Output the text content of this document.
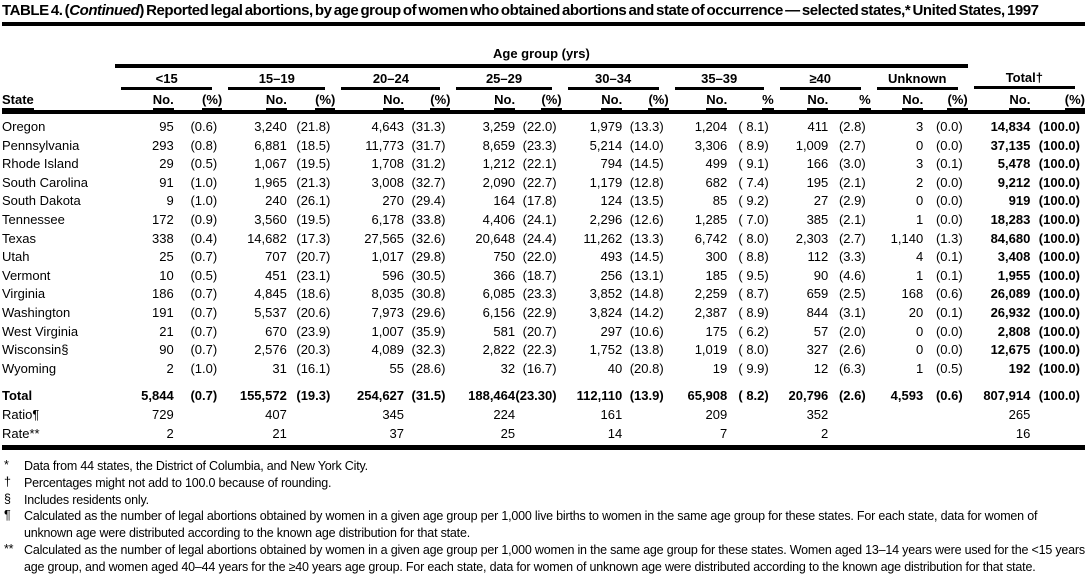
TABLE 4. (Continued) Reported legal abortions, by age group of women who obtained abortions and state of occurrence — selected states,* United States, 1997
	Age group (yrs)																	

	<15		15–19		20–24		25–29		30–34		35–39		≥40		Unknown		Total†	

State	No.	(%)	No.	(%)	No.	(%)	No.	(%)	No.	(%)	No.	%	No.	%	No.	(%)	No.	(%)
Oregon	95	(0.6)	3,240	(21.8)	4,643	(31.3)	3,259	(22.0)	1,979	(13.3)	1,204	( 8.1)	411	(2.8)	3	(0.0)	14,834	(100.0)
Pennsylvania	293	(0.8)	6,881	(18.5)	11,773	(31.7)	8,659	(23.3)	5,214	(14.0)	3,306	( 8.9)	1,009	(2.7)	0	(0.0)	37,135	(100.0)
Rhode Island	29	(0.5)	1,067	(19.5)	1,708	(31.2)	1,212	(22.1)	794	(14.5)	499	( 9.1)	166	(3.0)	3	(0.1)	5,478	(100.0)
South Carolina	91	(1.0)	1,965	(21.3)	3,008	(32.7)	2,090	(22.7)	1,179	(12.8)	682	( 7.4)	195	(2.1)	2	(0.0)	9,212	(100.0)
South Dakota	9	(1.0)	240	(26.1)	270	(29.4)	164	(17.8)	124	(13.5)	85	( 9.2)	27	(2.9)	0	(0.0)	919	(100.0)
Tennessee	172	(0.9)	3,560	(19.5)	6,178	(33.8)	4,406	(24.1)	2,296	(12.6)	1,285	( 7.0)	385	(2.1)	1	(0.0)	18,283	(100.0)
Texas	338	(0.4)	14,682	(17.3)	27,565	(32.6)	20,648	(24.4)	11,262	(13.3)	6,742	( 8.0)	2,303	(2.7)	1,140	(1.3)	84,680	(100.0)
Utah	25	(0.7)	707	(20.7)	1,017	(29.8)	750	(22.0)	493	(14.5)	300	( 8.8)	112	(3.3)	4	(0.1)	3,408	(100.0)
Vermont	10	(0.5)	451	(23.1)	596	(30.5)	366	(18.7)	256	(13.1)	185	( 9.5)	90	(4.6)	1	(0.1)	1,955	(100.0)
Virginia	186	(0.7)	4,845	(18.6)	8,035	(30.8)	6,085	(23.3)	3,852	(14.8)	2,259	( 8.7)	659	(2.5)	168	(0.6)	26,089	(100.0)
Washington	191	(0.7)	5,537	(20.6)	7,973	(29.6)	6,156	(22.9)	3,824	(14.2)	2,387	( 8.9)	844	(3.1)	20	(0.1)	26,932	(100.0)
West Virginia	21	(0.7)	670	(23.9)	1,007	(35.9)	581	(20.7)	297	(10.6)	175	( 6.2)	57	(2.0)	0	(0.0)	2,808	(100.0)
Wisconsin§	90	(0.7)	2,576	(20.3)	4,089	(32.3)	2,822	(22.3)	1,752	(13.8)	1,019	( 8.0)	327	(2.6)	0	(0.0)	12,675	(100.0)
Wyoming	2	(1.0)	31	(16.1)	55	(28.6)	32	(16.7)	40	(20.8)	19	( 9.9)	12	(6.3)	1	(0.5)	192	(100.0)
Total	5,844	(0.7)	155,572	(19.3)	254,627	(31.5)	188,464	(23.30)	112,110	(13.9)	65,908	( 8.2)	20,796	(2.6)	4,593	(0.6)	807,914	(100.0)
Ratio¶	729		407		345		224		161		209		352				265	
Rate**	2		21		37		25		14		7		2				16	
*	Data from 44 states, the District of Columbia, and New York City.
†	Percentages might not add to 100.0 because of rounding.
§	Includes residents only.
¶	Calculated as the number of legal abortions obtained by women in a given age group per 1,000 live births to women in the same age group for these states. For each state, data for women of unknown age were distributed according to the known age distribution for that state.
** Calculated as the number of legal abortions obtained by women in a given age group per 1,000 women in the same age group for these states. Women aged 13–14 years were used for the <15 years age group, and women aged 40–44 years for the ≥40 years age group. For each state, data for women of unknown age were distributed according to the known age distribution for that state.
